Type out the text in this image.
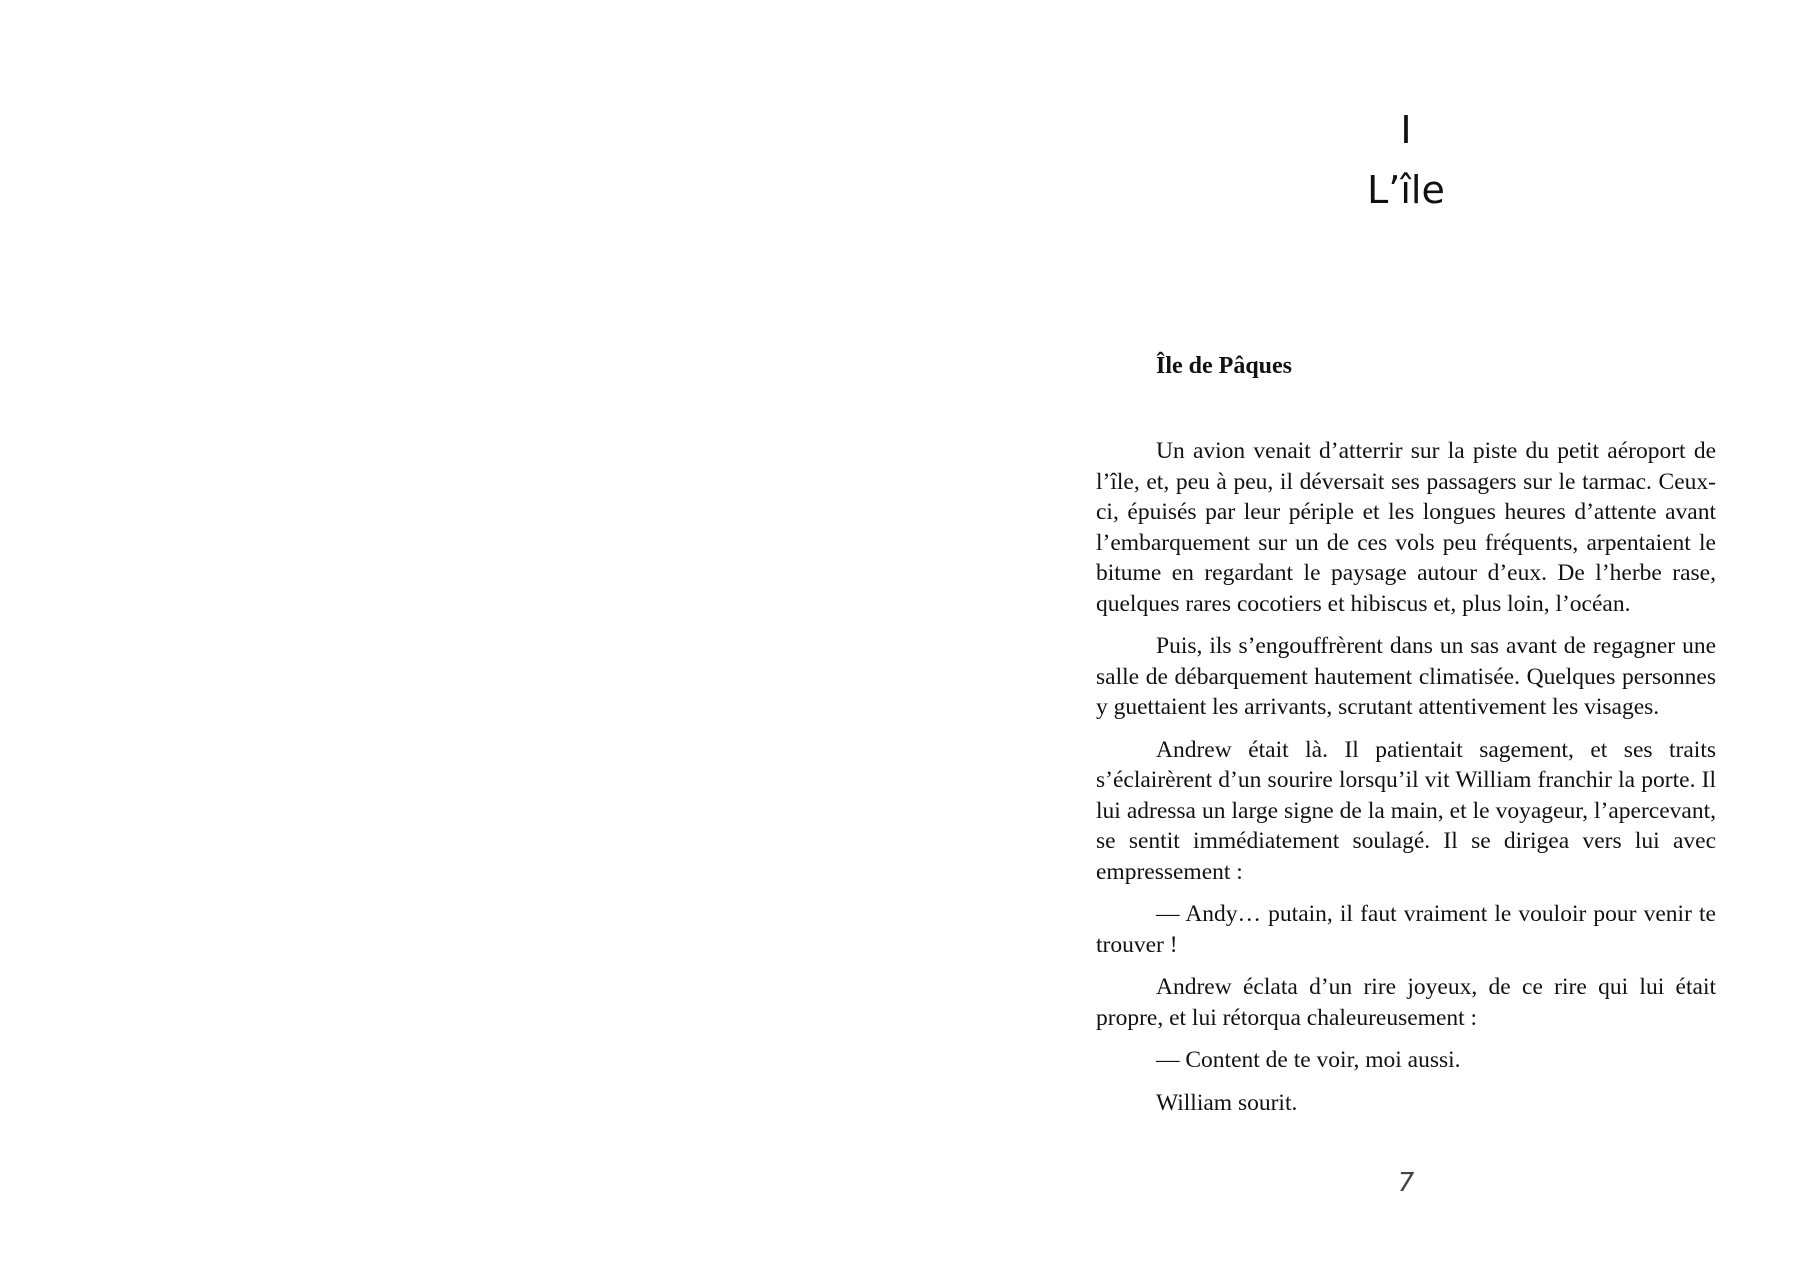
I
L’île
Île de Pâques

Un avion venait d’atterrir sur la piste du petit aéroport de l’île, et, peu à peu, il déversait ses passagers sur le tarmac. Ceux-ci, épuisés par leur périple et les longues heures d’attente avant l’embarquement sur un de ces vols peu fréquents, arpentaient le bitume en regardant le paysage autour d’eux. De l’herbe rase, quelques rares cocotiers et hibiscus et, plus loin, l’océan.

Puis, ils s’engouffrèrent dans un sas avant de regagner une salle de débarquement hautement climatisée. Quelques personnes y guettaient les arrivants, scrutant attentivement les visages.

Andrew était là. Il patientait sagement, et ses traits s’éclairèrent d’un sourire lorsqu’il vit William franchir la porte. Il lui adressa un large signe de la main, et le voyageur, l’apercevant, se sentit immédiatement soulagé. Il se dirigea vers lui avec empressement :

— Andy… putain, il faut vraiment le vouloir pour venir te trouver !

Andrew éclata d’un rire joyeux, de ce rire qui lui était propre, et lui rétorqua chaleureusement :

— Content de te voir, moi aussi.

William sourit.

7
